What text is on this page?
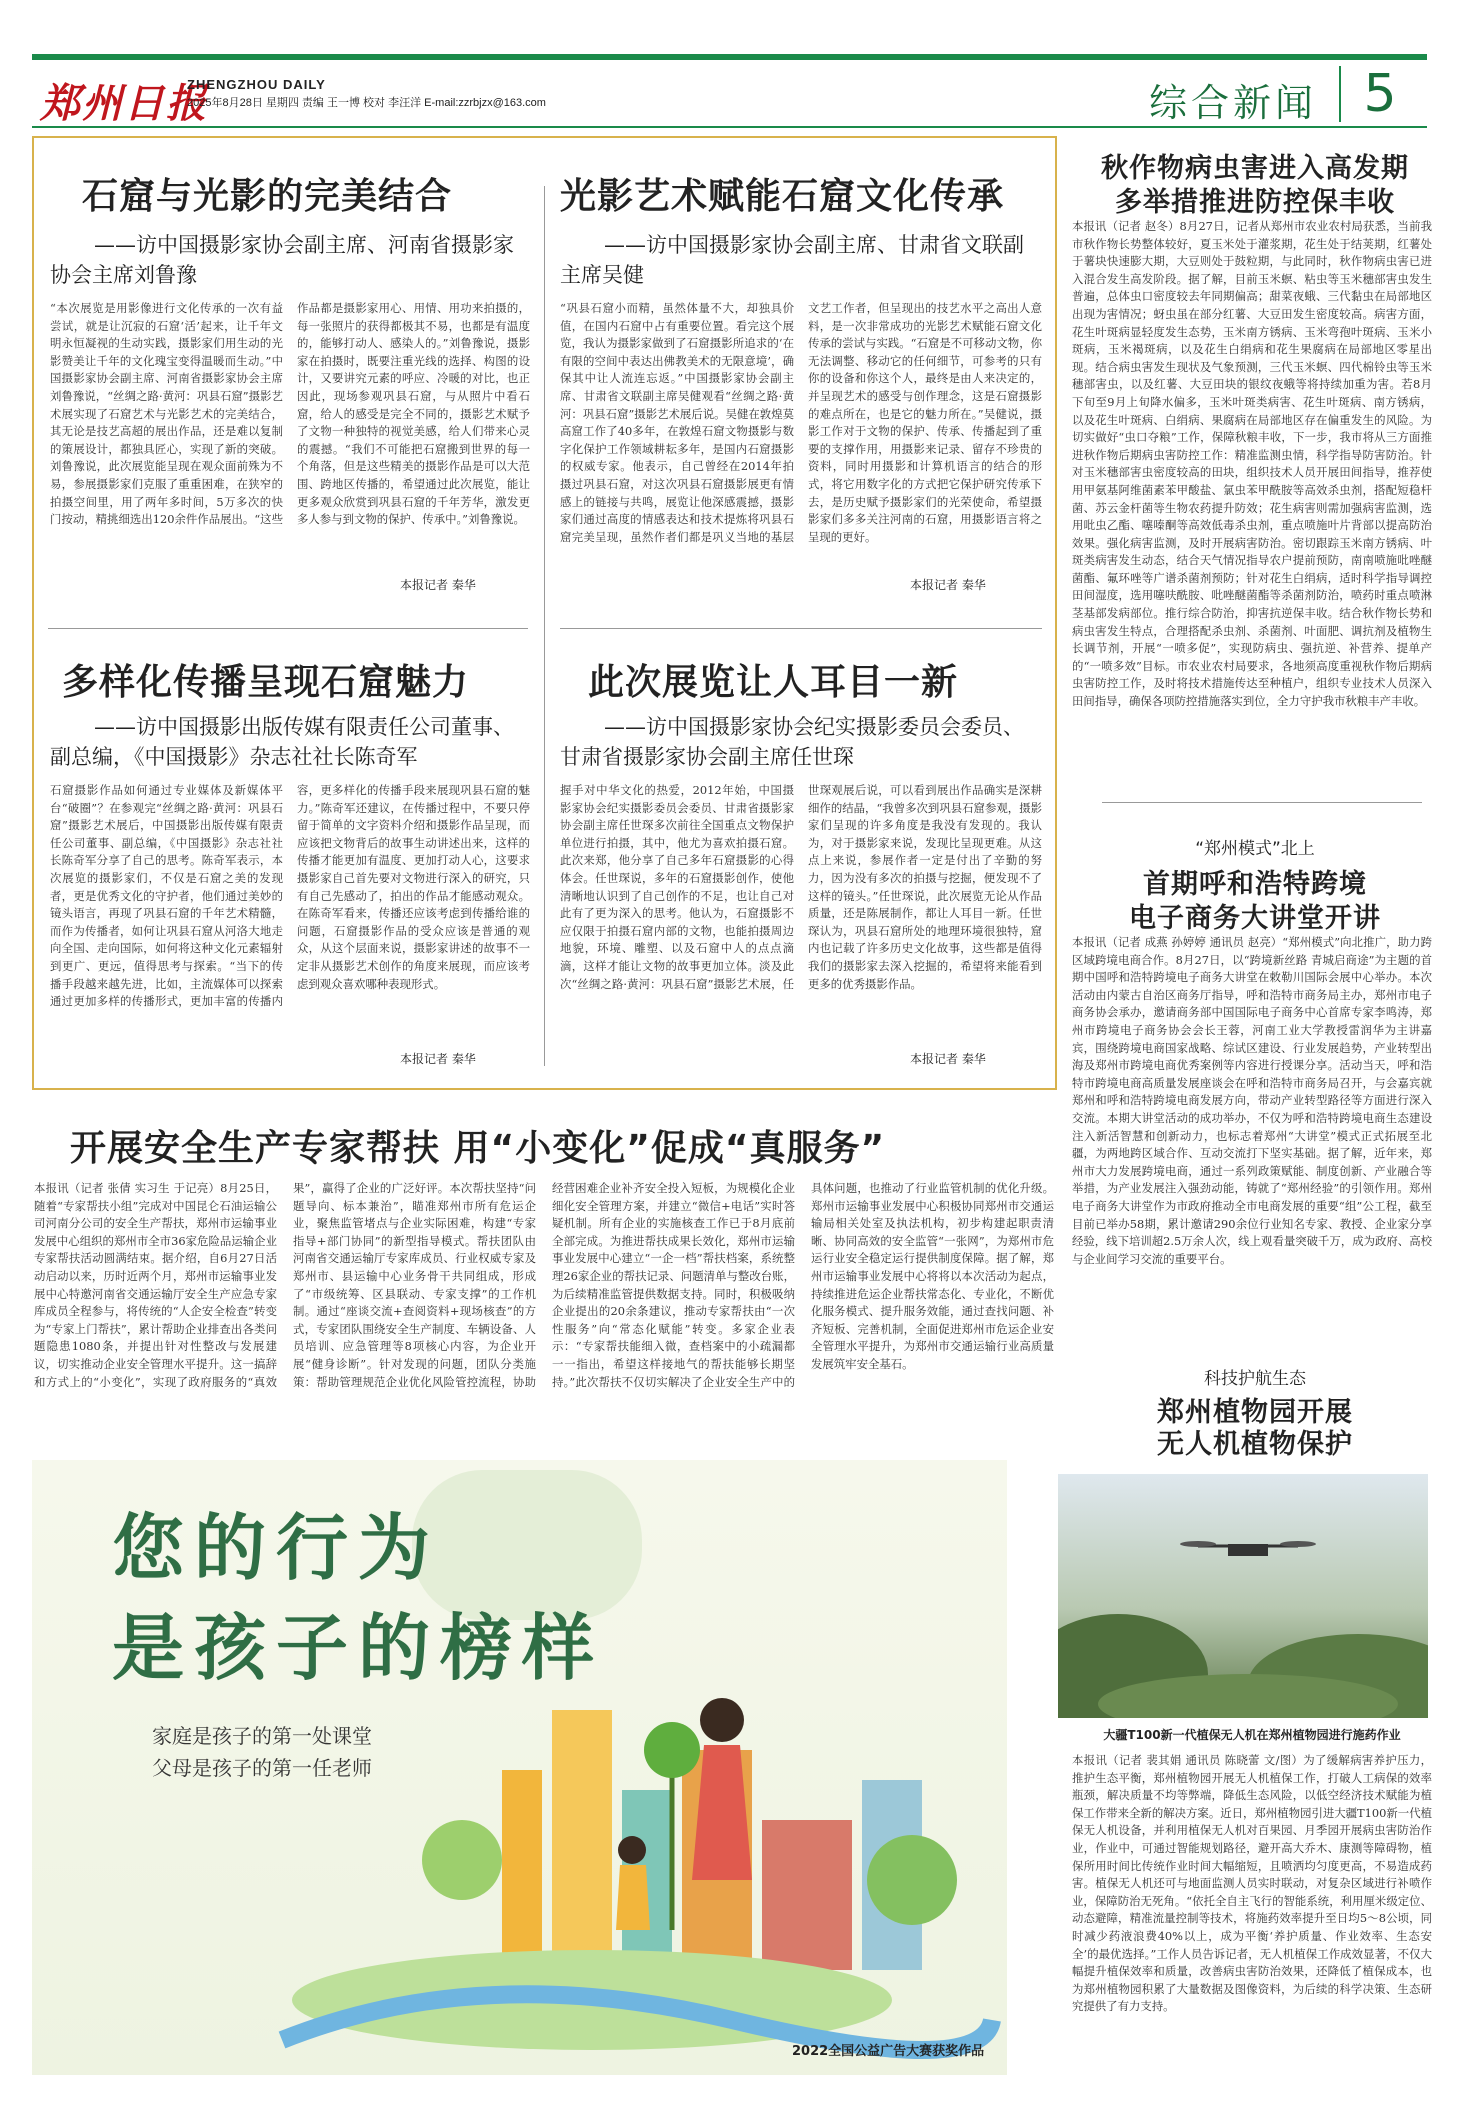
郑州日报
ZHENGZHOU DAILY
2025年8月28日 星期四 责编 王一博 校对 李汪洋 E-mail:zzrbjzx@163.com	综合新闻 5
石窟与光影的完美结合
——访中国摄影家协会副主席、河南省摄影家协会主席刘鲁豫
“本次展览是用影像进行文化传承的一次有益尝试，就是让沉寂的石窟‘活’起来，让千年文明永恒凝视的生动实践，摄影家们用生动的光影赞美让千年的文化瑰宝变得温暖而生动。”中国摄影家协会副主席、河南省摄影家协会主席刘鲁豫说，“丝绸之路·黄河：巩县石窟”摄影艺术展实现了石窟艺术与光影艺术的完美结合，其无论是技艺高超的展出作品，还是难以复制的策展设计，都独具匠心，实现了新的突破。刘鲁豫说，此次展览能呈现在观众面前殊为不易，参展摄影家们克服了重重困难，在狭窄的拍摄空间里，用了两年多时间，5万多次的快门按动，精挑细选出120余件作品展出。“这些作品都是摄影家用心、用情、用功来拍摄的，每一张照片的获得都极其不易，也都是有温度的，能够打动人、感染人的。”刘鲁豫说，摄影家在拍摄时，既要注重光线的选择、构图的设计，又要讲究元素的呼应、冷暖的对比，也正因此，现场参观巩县石窟，与从照片中看石窟，给人的感受是完全不同的，摄影艺术赋予了文物一种独特的视觉美感，给人们带来心灵的震撼。“我们不可能把石窟搬到世界的每一个角落，但是这些精美的摄影作品是可以大范围、跨地区传播的，希望通过此次展览，能让更多观众欣赏到巩县石窟的千年芳华，激发更多人参与到文物的保护、传承中。”刘鲁豫说。
本报记者 秦华
光影艺术赋能石窟文化传承
——访中国摄影家协会副主席、甘肃省文联副主席吴健
“巩县石窟小而精，虽然体量不大，却独具价值，在国内石窟中占有重要位置。看完这个展览，我认为摄影家做到了石窟摄影所追求的‘在有限的空间中表达出佛教美术的无限意境’，确保其中让人流连忘返。”中国摄影家协会副主席、甘肃省文联副主席吴健观看“丝绸之路·黄河：巩县石窟”摄影艺术展后说。吴健在敦煌莫高窟工作了40多年，在敦煌石窟文物摄影与数字化保护工作领域耕耘多年，是国内石窟摄影的权威专家。他表示，自己曾经在2014年拍摄过巩县石窟，对这次巩县石窟摄影展更有情感上的链接与共鸣，展览让他深感震撼，摄影家们通过高度的情感表达和技术提炼将巩县石窟完美呈现，虽然作者们都是巩义当地的基层文艺工作者，但呈现出的技艺水平之高出人意料，是一次非常成功的光影艺术赋能石窟文化传承的尝试与实践。“石窟是不可移动文物，你无法调整、移动它的任何细节，可参考的只有你的设备和你这个人，最终是由人来决定的，并呈现艺术的感受与创作理念，这是石窟摄影的难点所在，也是它的魅力所在。”吴健说，摄影工作对于文物的保护、传承、传播起到了重要的支撑作用，用摄影来记录、留存不珍贵的资料，同时用摄影和计算机语言的结合的形式，将它用数字化的方式把它保护研究传承下去，是历史赋予摄影家们的光荣使命，希望摄影家们多多关注河南的石窟，用摄影语言将之呈现的更好。
本报记者 秦华
多样化传播呈现石窟魅力
——访中国摄影出版传媒有限责任公司董事、副总编，《中国摄影》杂志社社长陈奇军
石窟摄影作品如何通过专业媒体及新媒体平台“破圈”？在参观完“丝绸之路·黄河：巩县石窟”摄影艺术展后，中国摄影出版传媒有限责任公司董事、副总编，《中国摄影》杂志社社长陈奇军分享了自己的思考。陈奇军表示，本次展览的摄影家们，不仅是石窟之美的发现者，更是优秀文化的守护者，他们通过美妙的镜头语言，再现了巩县石窟的千年艺术精髓，而作为传播者，如何让巩县石窟从河洛大地走向全国、走向国际，如何将这种文化元素辐射到更广、更远，值得思考与探索。“当下的传播手段越来越先进，比如，主流媒体可以探索通过更加多样的传播形式，更加丰富的传播内容，更多样化的传播手段来展现巩县石窟的魅力。”陈奇军还建议，在传播过程中，不要只停留于简单的文字资料介绍和摄影作品呈现，而应该把文物背后的故事生动讲述出来，这样的传播才能更加有温度、更加打动人心，这要求摄影家自己首先要对文物进行深入的研究，只有自己先感动了，拍出的作品才能感动观众。在陈奇军看来，传播还应该考虑到传播给谁的问题，石窟摄影作品的受众应该是普通的观众，从这个层面来说，摄影家讲述的故事不一定非从摄影艺术创作的角度来展现，而应该考虑到观众喜欢哪种表现形式。
本报记者 秦华
此次展览让人耳目一新
——访中国摄影家协会纪实摄影委员会委员、甘肃省摄影家协会副主席任世琛
握手对中华文化的热爱，2012年始，中国摄影家协会纪实摄影委员会委员、甘肃省摄影家协会副主席任世琛多次前往全国重点文物保护单位进行拍摄，其中，他尤为喜欢拍摄石窟。此次来郑，他分享了自己多年石窟摄影的心得体会。任世琛说，多年的石窟摄影创作，使他清晰地认识到了自己创作的不足，也让自己对此有了更为深入的思考。他认为，石窟摄影不应仅限于拍摄石窟内部的文物，也能拍摄周边地貌，环境、雕塑、以及石窟中人的点点滴滴，这样才能让文物的故事更加立体。淡及此次“丝绸之路·黄河：巩县石窟”摄影艺术展，任世琛观展后说，可以看到展出作品确实是深耕细作的结晶，“我曾多次到巩县石窟参观，摄影家们呈现的许多角度是我没有发现的。我认为，对于摄影家来说，发现比呈现更难。从这点上来说，参展作者一定是付出了辛勤的努力，因为没有多次的拍摄与挖掘，便发现不了这样的镜头。”任世琛说，此次展览无论从作品质量，还是陈展制作，都让人耳目一新。任世琛认为，巩县石窟所处的地理环境很独特，窟内也记载了许多历史文化故事，这些都是值得我们的摄影家去深入挖掘的，希望将来能看到更多的优秀摄影作品。
本报记者 秦华
开展安全生产专家帮扶 用“小变化”促成“真服务”
本报讯（记者 张倩 实习生 于记亮）8月25日，随着“专家帮扶小组”完成对中国昆仑石油运输公司河南分公司的安全生产帮扶，郑州市运输事业发展中心组织的郑州市全市36家危险品运输企业专家帮扶活动圆满结束。据介绍，自6月27日活动启动以来，历时近两个月，郑州市运输事业发展中心特邀河南省交通运输厅安全生产应急专家库成员全程参与，将传统的“人企安全检查”转变为“专家上门帮扶”，累计帮助企业排查出各类问题隐患1080条，并提出针对性整改与发展建议，切实推动企业安全管理水平提升。这一搞辞和方式上的“小变化”，实现了政府服务的“真效果”，赢得了企业的广泛好评。本次帮扶坚持“问题导向、标本兼治”，瞄准郑州市所有危运企业，聚焦监管堵点与企业实际困难，构建“专家指导+部门协同”的新型指导模式。帮扶团队由河南省交通运输厅专家库成员、行业权威专家及郑州市、县运输中心业务骨干共同组成，形成了“市级统筹、区县联动、专家支撑”的工作机制。通过“座谈交流+查阅资料+现场核查”的方式，专家团队围绕安全生产制度、车辆设备、人员培训、应急管理等8项核心内容，为企业开展“健身诊断”。针对发现的问题，团队分类施策：帮助管理规范企业优化风险管控流程，协助经营困难企业补齐安全投入短板，为规模化企业细化安全管理方案，并建立“微信+电话”实时答疑机制。所有企业的实施核查工作已于8月底前全部完成。为推进帮扶成果长效化，郑州市运输事业发展中心建立“一企一档”帮扶档案，系统整理26家企业的帮扶记录、问题清单与整改台账，为后续精准监管提供数据支持。同时，积极吸纳企业提出的20余条建议，推动专家帮扶由“一次性服务”向“常态化赋能”转变。多家企业表示：“专家帮扶能细入微，查档案中的小疏漏都一一指出，希望这样接地气的帮扶能够长期坚持。”此次帮扶不仅切实解决了企业安全生产中的具体问题，也推动了行业监管机制的优化升级。郑州市运输事业发展中心积极协同郑州市交通运输局相关处室及执法机构，初步构建起职责清晰、协同高效的安全监管“一张网”，为郑州市危运行业安全稳定运行提供制度保障。据了解，郑州市运输事业发展中心将将以本次活动为起点，持续推进危运企业帮扶常态化、专业化，不断优化服务模式、提升服务效能，通过查找问题、补齐短板、完善机制，全面促进郑州市危运企业安全管理水平提升，为郑州市交通运输行业高质量发展筑牢安全基石。
您的行为
是孩子的榜样
家庭是孩子的第一处课堂
父母是孩子的第一任老师
2022全国公益广告大赛获奖作品
秋作物病虫害进入高发期
多举措推进防控保丰收
本报讯（记者 赵冬）8月27日，记者从郑州市农业农村局获悉，当前我市秋作物长势整体较好，夏玉米处于灌浆期，花生处于结荚期，红薯处于薯块快速膨大期，大豆则处于鼓粒期，与此同时，秋作物病虫害已进入混合发生高发阶段。据了解，目前玉米螟、粘虫等玉米穗部害虫发生普遍，总体虫口密度较去年同期偏高；甜菜夜蛾、三代黏虫在局部地区出现为害情况；蚜虫虽在部分红薯、大豆田发生密度较高。病害方面，花生叶斑病显轻度发生态势，玉米南方锈病、玉米弯孢叶斑病、玉米小斑病，玉米褐斑病，以及花生白绢病和花生果腐病在局部地区零星出现。结合病虫害发生现状及气象预测，三代玉米螟、四代棉铃虫等玉米穗部害虫，以及红薯、大豆田块的银纹夜蛾等将持续加重为害。若8月下旬至9月上旬降水偏多，玉米叶斑类病害、花生叶斑病、南方锈病，以及花生叶斑病、白绢病、果腐病在局部地区存在偏重发生的风险。为切实做好“虫口夺粮”工作，保障秋粮丰收，下一步，我市将从三方面推进秋作物后期病虫害防控工作：精准监测虫情，科学指导防害防治。针对玉米穗部害虫密度较高的田块，组织技术人员开展田间指导，推荐使用甲氨基阿维菌素苯甲酸盐、氯虫苯甲酰胺等高效杀虫剂，搭配短稳杆菌、苏云金杆菌等生物农药提升防效；花生病害则需加强病害监测，选用吡虫乙酯、噻嗪酮等高效低毒杀虫剂，重点喷施叶片背部以提高防治效果。强化病害监测，及时开展病害防治。密切跟踪玉米南方锈病、叶斑类病害发生动态，结合天气情况指导农户提前预防，南南喷施吡唑醚菌酯、氟环唑等广谱杀菌剂预防；针对花生白绢病，适时科学指导调控田间湿度，选用噻呋酰胺、吡唑醚菌酯等杀菌剂防治，喷药时重点喷淋茎基部发病部位。推行综合防治，抑害抗逆保丰收。结合秋作物长势和病虫害发生特点，合理搭配杀虫剂、杀菌剂、叶面肥、调抗剂及植物生长调节剂，开展“一喷多促”，实现防病虫、强抗逆、补营养、提单产的“一喷多效”目标。市农业农村局要求，各地须高度重视秋作物后期病虫害防控工作，及时将技术措施传达至种植户，组织专业技术人员深入田间指导，确保各项防控措施落实到位，全力守护我市秋粮丰产丰收。
“郑州模式”北上
首期呼和浩特跨境
电子商务大讲堂开讲
本报讯（记者 成燕 孙婷婷 通讯员 赵亮）“郑州模式”向北推广，助力跨区域跨境电商合作。8月27日，以“跨境新丝路 青城启商途”为主题的首期中国呼和浩特跨境电子商务大讲堂在敕勒川国际会展中心举办。本次活动由内蒙古自治区商务厅指导，呼和浩特市商务局主办，郑州市电子商务协会承办，邀请商务部中国国际电子商务中心首席专家李鸣涛，郑州市跨境电子商务协会会长王蓉，河南工业大学教授雷润华为主讲嘉宾，围绕跨境电商国家战略、综试区建设、行业发展趋势，产业转型出海及郑州市跨境电商优秀案例等内容进行授课分享。活动当天，呼和浩特市跨境电商高质量发展座谈会在呼和浩特市商务局召开，与会嘉宾就郑州和呼和浩特跨境电商发展方向，带动产业转型路径等方面进行深入交流。本期大讲堂活动的成功举办，不仅为呼和浩特跨境电商生态建设注入新活智慧和创新动力，也标志着郑州“大讲堂”模式正式拓展至北疆，为两地跨区域合作、互动交流打下坚实基础。据了解，近年来，郑州市大力发展跨境电商，通过一系列政策赋能、制度创新、产业融合等举措，为产业发展注入强劲动能，铸就了“郑州经验”的引领作用。郑州电子商务大讲堂作为市政府推动全市电商发展的重要“组”公工程，截至目前已举办58期，累计邀请290余位行业知名专家、教授、企业家分享经验，线下培训超2.5万余人次，线上观看量突破千万，成为政府、高校与企业间学习交流的重要平台。
科技护航生态
郑州植物园开展
无人机植物保护
大疆T100新一代植保无人机在郑州植物园进行施药作业
本报讯（记者 裴其娟 通讯员 陈晓蕾 文/图）为了缓解病害养护压力，推护生态平衡，郑州植物园开展无人机植保工作，打破人工病保的效率瓶颈，解决质量不均等弊端，降低生态风险，以低空经济技术赋能为植保工作带来全新的解决方案。近日，郑州植物园引进大疆T100新一代植保无人机设备，并利用植保无人机对百果园、月季园开展病虫害防治作业，作业中，可通过智能规划路径，避开高大乔木、康测等障碍物，植保所用时间比传统作业时间大幅缩短，且喷洒均匀度更高，不易造成药害。植保无人机还可与地面监测人员实时联动，对复杂区域进行补喷作业，保障防治无死角。“依托全自主飞行的智能系统，利用厘米级定位、动态避障，精准流量控制等技术，将施药效率提升至日均5～8公顷，同时减少药液浪费40%以上，成为平衡‘养护质量、作业效率、生态安全’的最优选择。”工作人员告诉记者，无人机植保工作成效显著，不仅大幅提升植保效率和质量，改善病虫害防治效果，还降低了植保成本，也为郑州植物园积累了大量数据及图像资料，为后续的科学决策、生态研究提供了有力支持。
